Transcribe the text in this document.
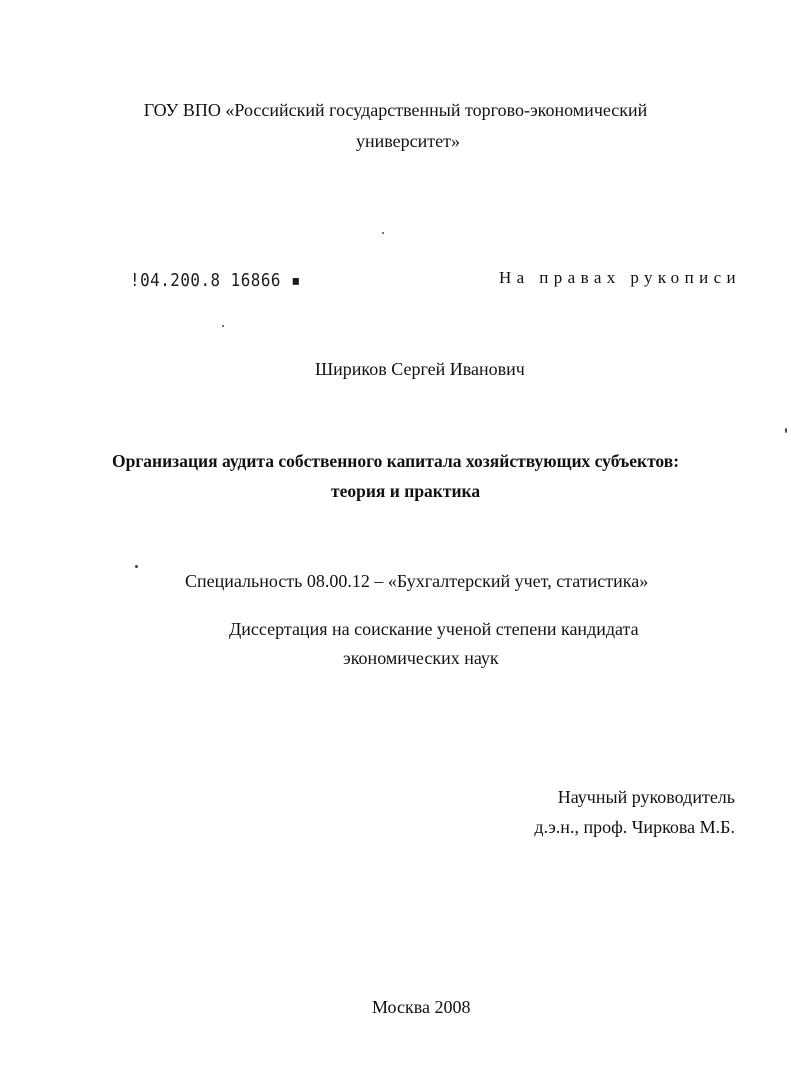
ГОУ ВПО «Российский государственный торгово-экономический
университет»
!04.200.8 16866 ▪	На правах рукописи
Шириков Сергей Иванович
Организация аудита собственного капитала хозяйствующих субъектов:
теория и практика
Специальность 08.00.12 – «Бухгалтерский учет, статистика»
Диссертация на соискание ученой степени кандидата
экономических наук
Научный руководитель
д.э.н., проф. Чиркова М.Б.
Москва 2008
